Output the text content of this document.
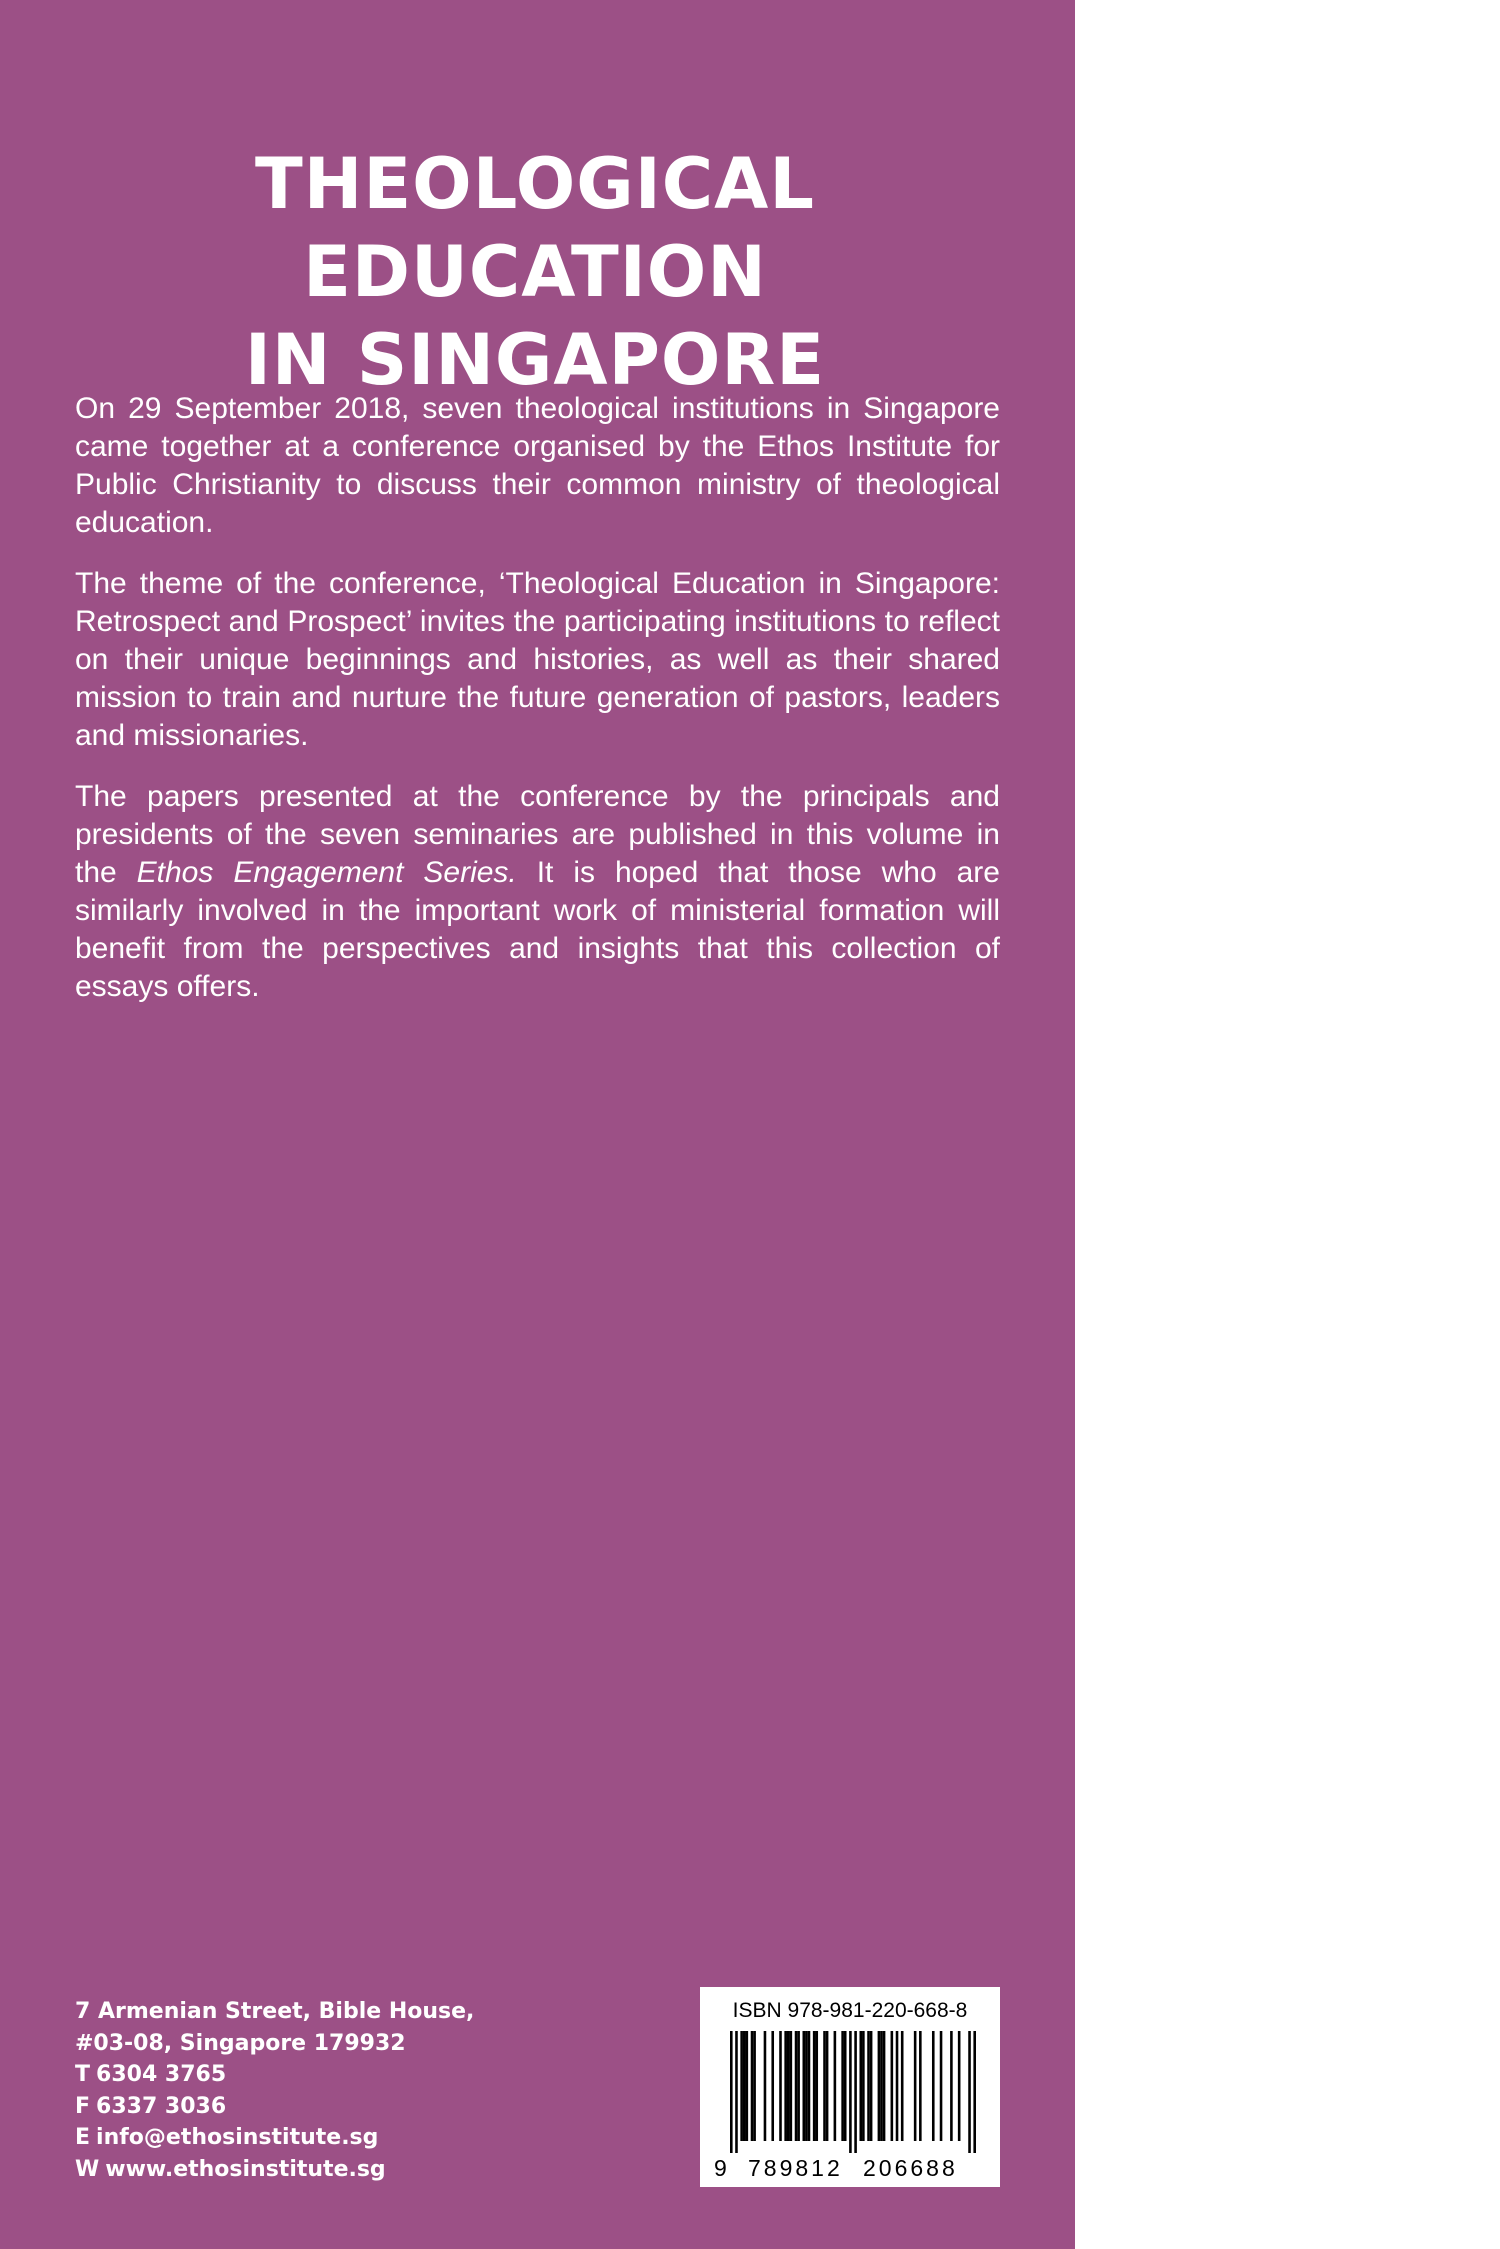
THEOLOGICAL EDUCATION
IN SINGAPORE

On 29 September 2018, seven theological institutions in Singapore came together at a conference organised by the Ethos Institute for Public Christianity to discuss their common ministry of theological education.

The theme of the conference, ‘Theological Education in Singapore: Retrospect and Prospect’ invites the participating institutions to reflect on their unique beginnings and histories, as well as their shared mission to train and nurture the future generation of pastors, leaders and missionaries.

The papers presented at the conference by the principals and presidents of the seven seminaries are published in this volume in the Ethos Engagement Series. It is hoped that those who are similarly involved in the important work of ministerial formation will benefit from the perspectives and insights that this collection of essays offers.

7 Armenian Street, Bible House,
#03-08, Singapore 179932
T 6304 3765
F 6337 3036
E info@ethosinstitute.sg
W www.ethosinstitute.sg
ISBN 978-981-220-668-8
9 789812 206688
